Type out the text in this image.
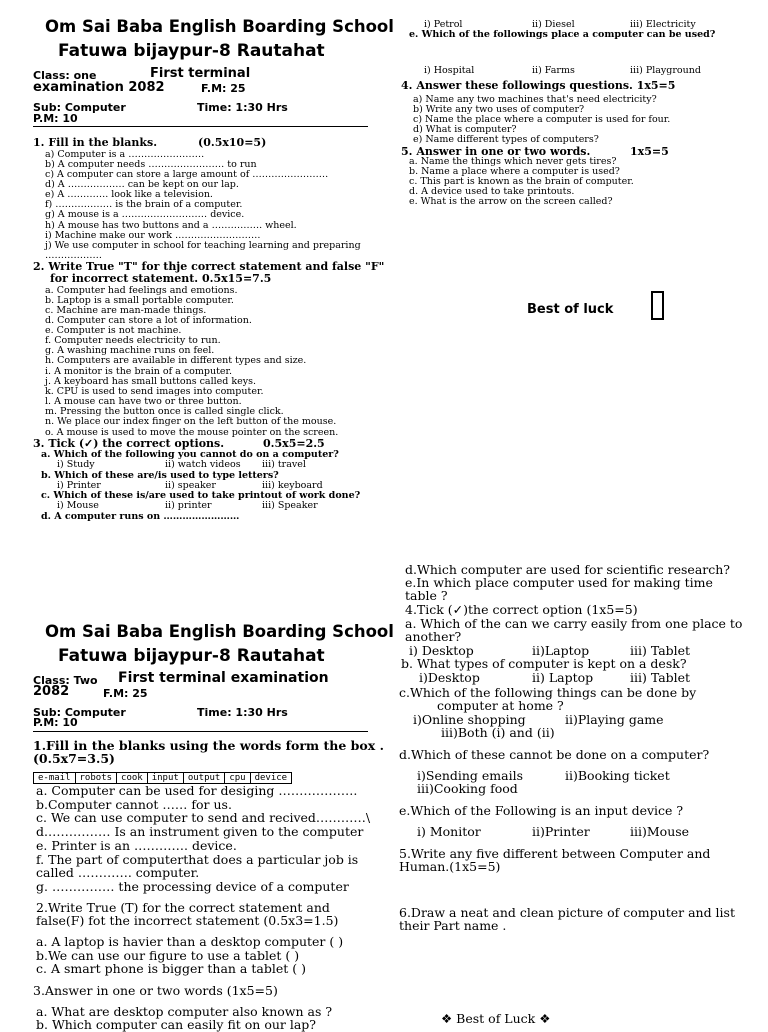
Om Sai Baba English Boarding School
Fatuwa bijaypur-8 Rautahat
Class: one	First terminal
examination 2082	F.M: 25
Sub: Computer	Time: 1:30 Hrs
P.M: 10
1. Fill in the blanks.	(0.5x10=5)
a) Computer is a ……………………
b) A computer needs …………………… to run
c) A computer can store a large amount of ……………………
d) A ……………… can be kept on our lap.
e) A …………. look like a television.
f) ……………… is the brain of a computer.
g) A mouse is a ……………………… device.
h) A mouse has two buttons and a ……………. wheel.
i) Machine make our work ………………………
j) We use computer in school for teaching learning and preparing
………………
2. Write True "T" for thje correct statement and false "F"
for incorrect statement. 0.5x15=7.5
a. Computer had feelings and emotions.
b. Laptop is a small portable computer.
c. Machine are man-made things.
d. Computer can store a lot of information.
e. Computer is not machine.
f. Computer needs electricity to run.
g. A washing machine runs on feel.
h. Computers are available in different types and size.
i. A monitor is the brain of a computer.
j. A keyboard has small buttons called keys.
k. CPU is used to send images into computer.
l. A mouse can have two or three button.
m. Pressing the button once is called single click.
n. We place our index finger on the left button of the mouse.
o. A mouse is used to move the mouse pointer on the screen.
3. Tick (✓) the correct options.	0.5x5=2.5
a. Which of the following you cannot do on a computer?
i) Study	ii) watch videos iii) travel
b. Which of these are/is used to type letters?
i) Printer	ii) speaker	iii) keyboard
c. Which of these is/are used to take printout of work done?
i) Mouse	ii) printer	iii) Speaker
d. A computer runs on ……………………
i) Petrol	ii) Diesel	iii) Electricity
e. Which of the followings place a computer can be used?
i) Hospital	ii) Farms	iii) Playground
4. Answer these followings questions. 1x5=5
a) Name any two machines that's need electricity?
b) Write any two uses of computer?
c) Name the place where a computer is used for four.
d) What is computer?
e) Name different types of computers?
5. Answer in one or two words.	1x5=5
a. Name the things which never gets tires?
b. Name a place where a computer is used?
c. This part is known as the brain of computer.
d. A device used to take printouts.
e. What is the arrow on the screen called?
Best of luck
Om Sai Baba English Boarding School
Fatuwa bijaypur-8 Rautahat
Class: Two First terminal examination
2082	F.M: 25
Sub: Computer	Time: 1:30 Hrs
P.M: 10
1.Fill in the blanks using the words form the box .
(0.5x7=3.5)
e-mail	robots	cook	input	output	cpu	device
a. Computer can be used for desiging ……………….
b.Computer cannot …… for us.
c. We can use computer to send and recived…………\
d.…………… Is an instrument given to the computer
e. Printer is an …………. device.
f. The part of computerthat does a particular job is
called …………. computer.
g. …………… the processing device of a computer
2.Write True (T) for the correct statement and
false(F) fot the incorrect statement (0.5x3=1.5)
a. A laptop is havier than a desktop computer ( )
b.We can use our figure to use a tablet ( )
c. A smart phone is bigger than a tablet ( )
3.Answer in one or two words (1x5=5)
a. What are desktop computer also known as ?
b. Which computer can easily fit on our lap?
d.Which computer are used for scientific research?
e.In which place computer used for making time
table ?
4.Tick (✓)the correct option (1x5=5)
a. Which of the can we carry easily from one place to
another?
i) Desktop	ii)Laptop	iii) Tablet
b. What types of computer is kept on a desk?
i)Desktop	ii) Laptop	iii) Tablet
c.Which of the following things can be done by
computer at home ?
i)Online shopping	ii)Playing game
iii)Both (i) and (ii)
d.Which of these cannot be done on a computer?
i)Sending emails	ii)Booking ticket
iii)Cooking food
e.Which of the Following is an input device ?
i) Monitor	ii)Printer	iii)Mouse
5.Write any five different between Computer and
Human.(1x5=5)
6.Draw a neat and clean picture of computer and list
their Part name .
❖ Best of Luck ❖
